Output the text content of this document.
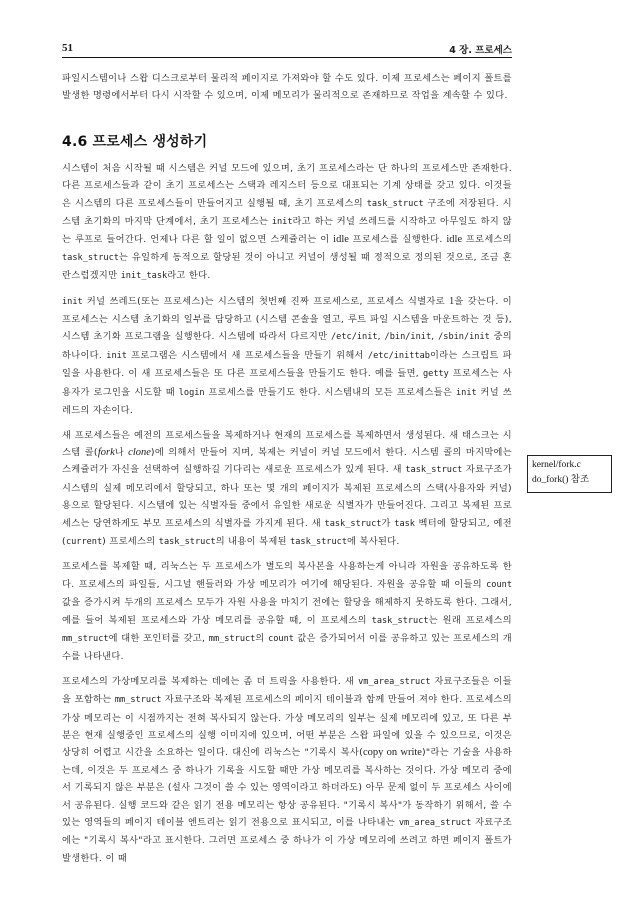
51	4 장. 프로세스
kernel/fork.c
do_fork() 참조

파일시스템이나 스왑 디스크로부터 물리적 페이지로 가져와야 할 수도 있다. 이제 프로세스는 페이지 폴트를 발생한 명령에서부터 다시 시작할 수 있으며, 이제 메모리가 물리적으로 존재하므로 작업을 계속할 수 있다.

4.6 프로세스 생성하기

시스템이 처음 시작될 때 시스템은 커널 모드에 있으며, 초기 프로세스라는 단 하나의 프로세스만 존재한다. 다른 프로세스들과 같이 초기 프로세스는 스택과 레지스터 등으로 대표되는 기계 상태를 갖고 있다. 이것들은 시스템의 다른 프로세스들이 만들어지고 실행될 때, 초기 프로세스의 task_struct 구조에 저장된다. 시스템 초기화의 마지막 단계에서, 초기 프로세스는 init라고 하는 커널 쓰레드를 시작하고 아무일도 하지 않는 루프로 들어간다. 언제나 다른 할 일이 없으면 스케쥴러는 이 idle 프로세스를 실행한다. idle 프로세스의 task_struct는 유일하게 동적으로 할당된 것이 아니고 커널이 생성될 때 정적으로 정의된 것으로, 조금 혼란스럽겠지만 init_task라고 한다.

init 커널 쓰레드(또는 프로세스)는 시스템의 첫번째 진짜 프로세스로, 프로세스 식별자로 1을 갖는다. 이 프로세스는 시스템 초기화의 일부를 담당하고 (시스템 콘솔을 열고, 루트 파일 시스템을 마운트하는 것 등), 시스템 초기화 프로그램을 실행한다. 시스템에 따라서 다르지만 /etc/init, /bin/init, /sbin/init 중의 하나이다. init 프로그램은 시스템에서 새 프로세스들을 만들기 위해서 /etc/inittab이라는 스크립트 파일을 사용한다. 이 새 프로세스들은 또 다른 프로세스들을 만들기도 한다. 예를 들면, getty 프로세스는 사용자가 로그인을 시도할 때 login 프로세스를 만들기도 한다. 시스템내의 모든 프로세스들은 init 커널 쓰레드의 자손이다.

새 프로세스들은 예전의 프로세스들을 복제하거나 현재의 프로세스를 복제하면서 생성된다. 새 태스크는 시스템 콜(fork나 clone)에 의해서 만들어 지며, 복제는 커널이 커널 모드에서 한다. 시스템 콜의 마지막에는 스케쥴러가 자신을 선택하여 실행하길 기다리는 새로운 프로세스가 있게 된다. 새 task_struct 자료구조가 시스템의 실제 메모리에서 할당되고, 하나 또는 몇 개의 페이지가 복제된 프로세스의 스택(사용자와 커널) 용으로 할당된다. 시스템에 있는 식별자들 중에서 유일한 새로운 식별자가 만들어진다. 그리고 복제된 프로세스는 당연하게도 부모 프로세스의 식별자를 가지게 된다. 새 task_struct가 task 벡터에 할당되고, 예전 (current) 프로세스의 task_struct의 내용이 복제된 task_struct에 복사된다.

프로세스를 복제할 때, 리눅스는 두 프로세스가 별도의 복사본을 사용하는게 아니라 자원을 공유하도록 한다. 프로세스의 파일들, 시그널 핸들러와 가상 메모리가 여기에 해당된다. 자원을 공유할 때 이들의 count 값을 증가시켜 두개의 프로세스 모두가 자원 사용을 마치기 전에는 할당을 해제하지 못하도록 한다. 그래서, 예를 들어 복제된 프로세스와 가상 메모리를 공유할 때, 이 프로세스의 task_struct는 원래 프로세스의 mm_struct에 대한 포인터를 갖고, mm_struct의 count 값은 증가되어서 이를 공유하고 있는 프로세스의 개수를 나타낸다.

프로세스의 가상메모리를 복제하는 데에는 좀 더 트릭을 사용한다. 새 vm_area_struct 자료구조들은 이들을 포함하는 mm_struct 자료구조와 복제된 프로세스의 페이지 테이블과 함께 만들어 져야 한다. 프로세스의 가상 메모리는 이 시점까지는 전혀 복사되지 않는다. 가상 메모리의 일부는 실제 메모리에 있고, 또 다른 부분은 현재 실행중인 프로세스의 실행 이미지에 있으며, 어떤 부분은 스왑 파일에 있을 수 있으므로, 이것은 상당히 어렵고 시간을 소요하는 일이다. 대신에 리눅스는 "기록시 복사(copy on write)"라는 기술을 사용하는데, 이것은 두 프로세스 중 하나가 기록을 시도할 때만 가상 메모리를 복사하는 것이다. 가상 메모리 중에서 기록되지 않은 부분은 (설사 그것이 쓸 수 있는 영역이라고 하더라도) 아무 문제 없이 두 프로세스 사이에서 공유된다. 실행 코드와 같은 읽기 전용 메모리는 항상 공유된다. "기록시 복사"가 동작하기 위해서, 쓸 수 있는 영역들의 페이지 테이블 엔트리는 읽기 전용으로 표시되고, 이를 나타내는 vm_area_struct 자료구조에는 "기록시 복사"라고 표시한다. 그러면 프로세스 중 하나가 이 가상 메모리에 쓰려고 하면 페이지 폴트가 발생한다. 이 때
